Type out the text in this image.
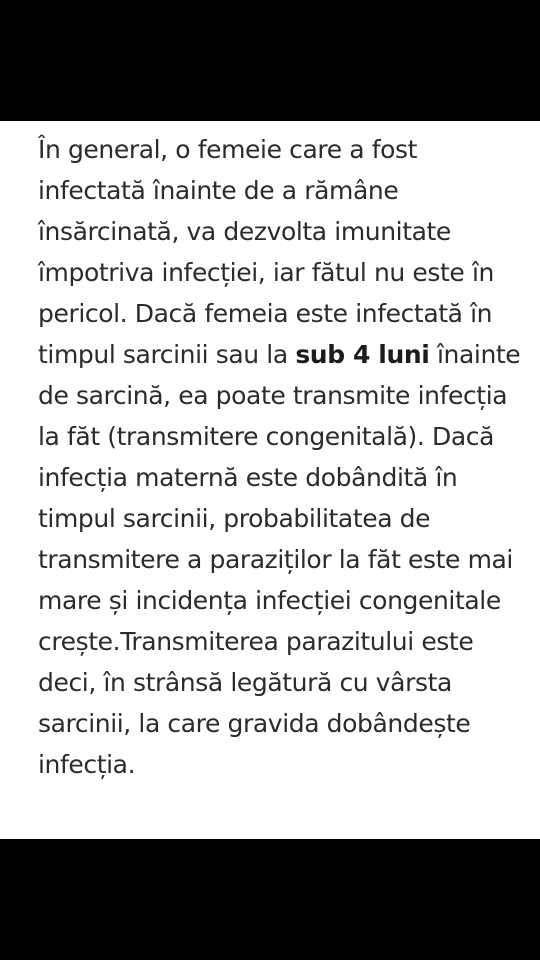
În general, o femeie care a fost infectată înainte de a rămâne însărcinată, va dezvolta imunitate împotriva infecției, iar fătul nu este în pericol. Dacă femeia este infectată în timpul sarcinii sau la sub 4 luni înainte de sarcină, ea poate transmite infecția la făt (transmitere congenitală). Dacă infecția maternă este dobândită în timpul sarcinii, probabilitatea de transmitere a paraziților la făt este mai mare și incidența infecției congenitale crește.Transmiterea parazitului este deci, în strânsă legătură cu vârsta sarcinii, la care gravida dobândește infecția.
